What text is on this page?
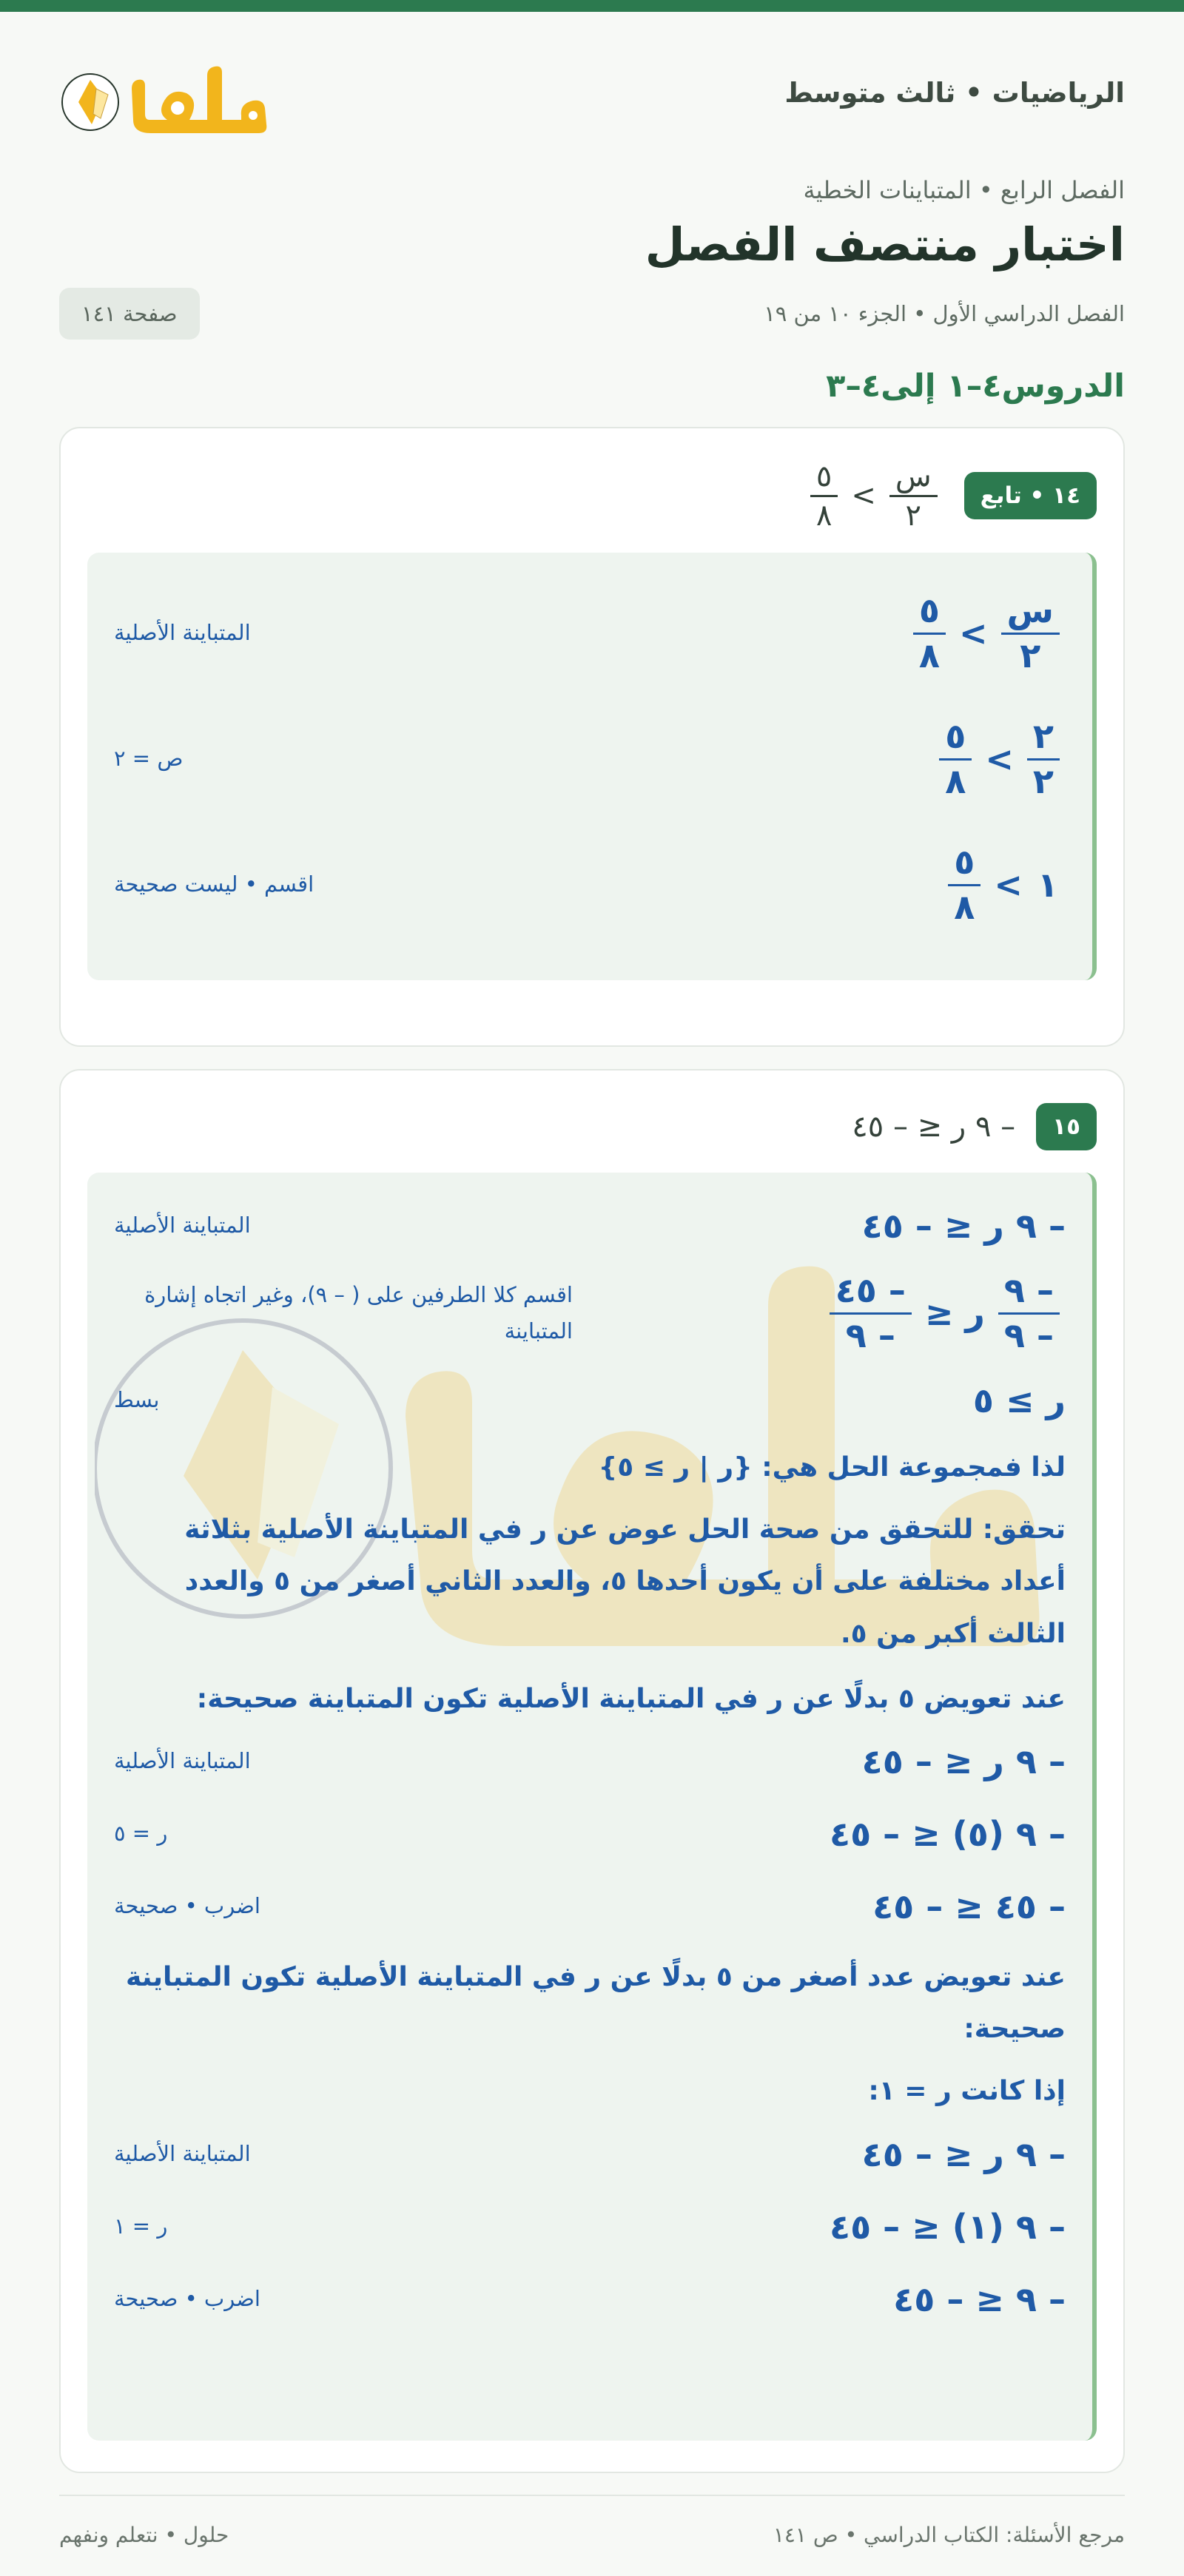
الرياضيات • ثالث متوسط
الفصل الرابع • المتباينات الخطية
اختبار منتصف الفصل
الفصل الدراسي الأول • الجزء ١٠ من ١٩
صفحة ١٤١
الدروس٤–١ إلى٤–٣
١٤ • تابع
$\frac{\text{س}}{٢}$
>
$\frac{٥}{٨}$
$\frac{\text{س}}{٢}$
>
$\frac{٥}{٨}$
المتباينة الأصلية
$\frac{٢}{٢}$
>
$\frac{٥}{٨}$
ص = ٢
١>
$\frac{٥}{٨}$
اقسم • ليست صحيحة
١٥
– ٩ ر ≤ – ٤٥
– ٩ ر ≤ – ٤٥
المتباينة الأصلية
$\frac{- ٩}{- ٩}$
ر ≤
$\frac{- ٤٥}{- ٩}$
اقسم كلا الطرفين على ( – ٩)، وغير اتجاه إشارة المتباينة
ر ≥ ٥
بسط
لذا فمجموعة الحل هي: {ر | ر ≥ ٥}
تحقق: للتحقق من صحة الحل عوض عن ر في المتباينة الأصلية بثلاثة أعداد مختلفة على أن يكون أحدها ٥، والعدد الثاني أصغر من ٥ والعدد الثالث أكبر من ٥.
عند تعويض ٥ بدلًا عن ر في المتباينة الأصلية تكون المتباينة صحيحة:
– ٩ ر ≤ – ٤٥
المتباينة الأصلية
– ٩ (٥) ≤ – ٤٥
ر = ٥
– ٤٥ ≤ – ٤٥
اضرب • صحيحة
عند تعويض عدد أصغر من ٥ بدلًا عن ر في المتباينة الأصلية تكون المتباينة صحيحة:
إذا كانت ر = ١:
– ٩ ر ≤ – ٤٥
المتباينة الأصلية
– ٩ (١) ≤ – ٤٥
ر = ١
– ٩ ≤ – ٤٥
اضرب • صحيحة
مرجع الأسئلة: الكتاب الدراسي • ص ١٤١
حلول • نتعلم ونفهم
